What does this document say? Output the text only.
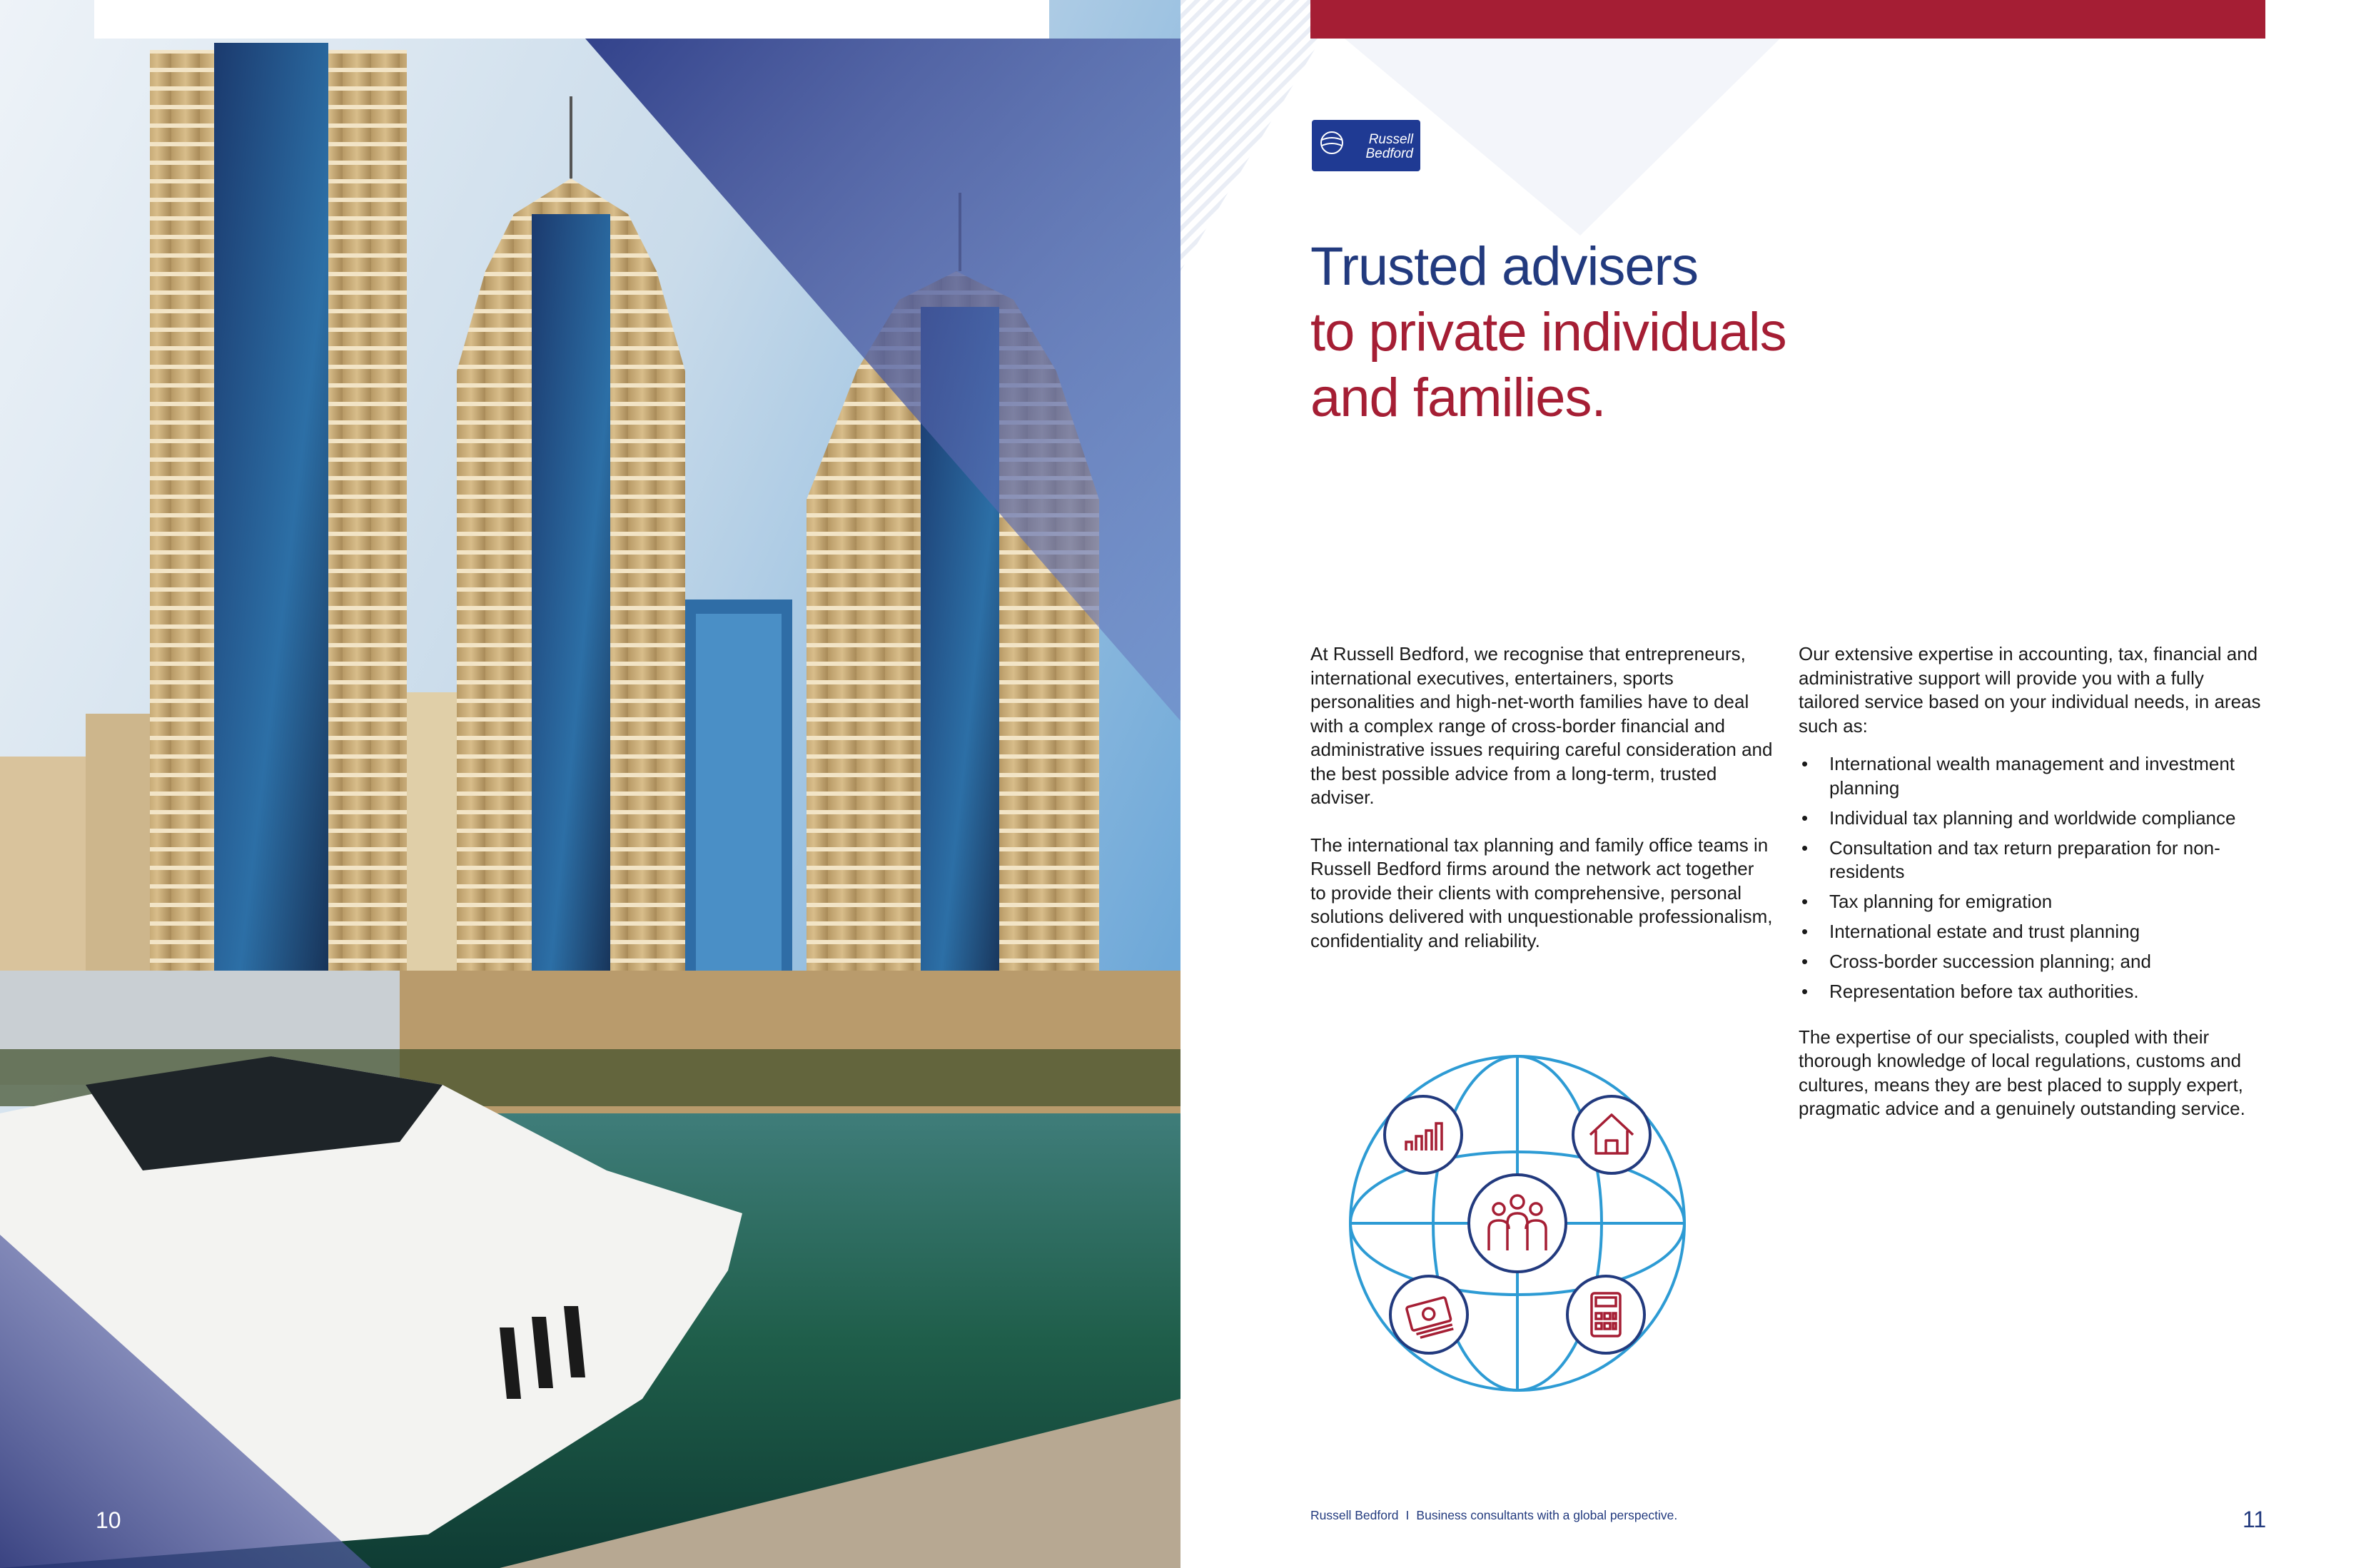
10
Russell
Bedford
Trusted advisers
to private individuals
and families.

At Russell Bedford, we recognise that entrepreneurs, international executives, entertainers, sports personalities and high-net-worth families have to deal with a complex range of cross-border financial and administrative issues requiring careful consideration and the best possible advice from a long-term, trusted adviser.

The international tax planning and family office teams in Russell Bedford firms around the network act together to provide their clients with comprehensive, personal solutions delivered with unquestionable professionalism, confidentiality and reliability.

Our extensive expertise in accounting, tax, financial and administrative support will provide you with a fully tailored service based on your individual needs, in areas such as:

• International wealth management and investment planning
• Individual tax planning and worldwide compliance
• Consultation and tax return preparation for non-residents
• Tax planning for emigration
• International estate and trust planning
• Cross-border succession planning; and
• Representation before tax authorities.

The expertise of our specialists, coupled with their thorough knowledge of local regulations, customs and cultures, means they are best placed to supply expert, pragmatic advice and a genuinely outstanding service.

Russell Bedford I Business consultants with a global perspective.	11
